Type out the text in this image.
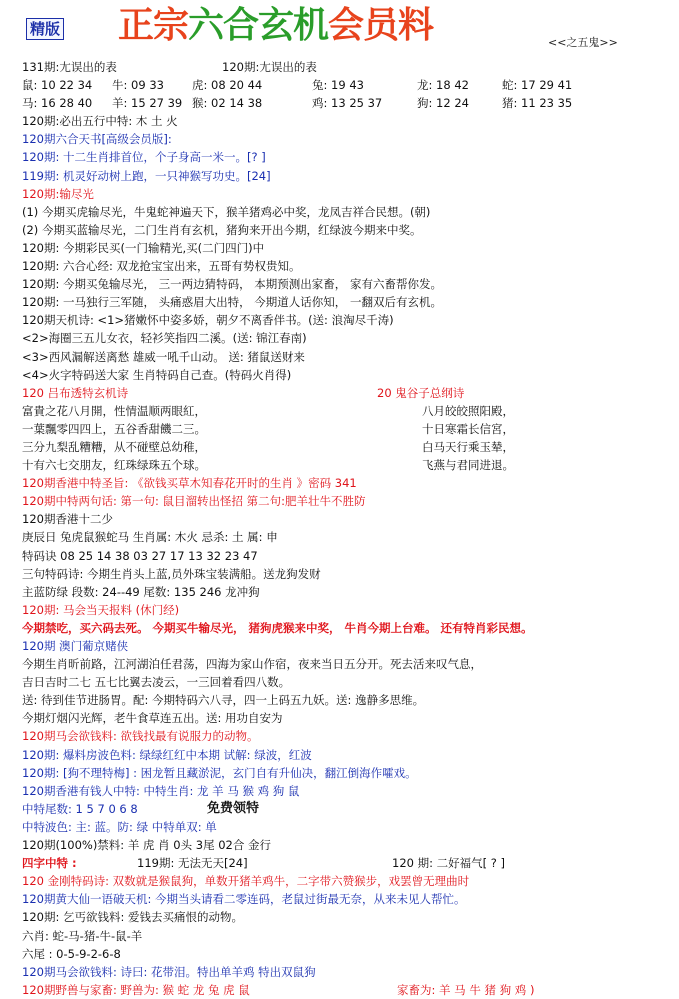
精版 正宗六合玄机会员料	<<之五鬼>>
131期:尢误出的表	120期:尢误出的表
鼠: 10 22 34 牛: 09 33 虎: 08 20 44	兔: 19 43	龙: 18 42	蛇: 17 29 41
马: 16 28 40 羊: 15 27 39 猴: 02 14 38	鸡: 13 25 37	狗: 12 24	猪: 11 23 35
120期:必出五行中特: 木 土 火
120期六合天书[高级会员版]:
120期: 十二生肖排首位，个子身高一米一。[? ]
119期: 机灵好动树上跑，一只神猴写功史。[24]
120期:输尽光
(1) 今期买虎输尽光，牛鬼蛇神遍天下，猴羊猪鸡必中奖，龙凤吉祥合民想。(朝)
(2) 今期买蓝输尽光，二门生肖有玄机，猪狗来开出今期，红绿波今期来中奖。
120期: 今期彩民买(一门输精光,买(二门四门)中
120期: 六合心经: 双龙抢宝宝出来，五哥有势权贵知。
120期: 今期买兔输尽光， 三一两边猜特码， 本期预测出家畜， 家有六畜帮你发。
120期: 一马独行三军随， 头痛惑眉大出特， 今期道人话你知， 一翻双后有玄机。
120期天机诗: <1>猪嫩怀中姿多娇，朝夕不离香伴书。(送: 浪淘尽千涛)
<2>海圈三五儿女衣，轻衫笑指四二溪。(送: 锦江春南)
<3>西风漏解送离愁 雄威一吼千山动。 送: 猪鼠送财来
<4>火字特码送大家 生肖特码自己查。(特码火肖得)
120 吕布透特玄机诗	20 鬼谷子总纲诗
富貴之花八月開，性情温顺两眼紅，	八月皎皎照阳殿，
一葉飄零四四上，五谷香甜饑二三。	十日寒霜长信宮，
三分九梨乱糟糟，从不碰壁总幼稚，	白马天行乘玉辇，
十有六七交朋友，红珠绿珠五个球。	飞燕与君同进退。
120期香港中特圣旨: 《欲钱买草木知春花开时的生肖 》密码 341
120期中特两句话: 第一句: 鼠目溜转出怪招 第二句:肥羊壮牛不胜防
120期香港十二少
庚辰日 兔虎鼠猴蛇马 生肖属: 木火 忌杀: 土 属: 申
特码诀 08 25 14 38 03 27 17 13 32 23 47
三句特码诗: 今期生肖头上蓝,员外珠宝装满船。送龙狗发财
主蓝防绿 段数: 24--49 尾数: 135 246 龙冲狗
120期: 马会当天报料 (休门经)
今期禁吃，买六码去死。 今期买牛输尽光， 猪狗虎猴来中奖， 牛肖今期上台难。 还有特肖彩民想。
120期 澳门葡京赌侠
今期生肖昕前路，江河湖泊任君荡，四海为家山作宿，夜来当日五分开。死去活来叹气息，
吉日吉时二七 五七比翼去凌云，一三回着看四八数。
送: 待到佳节进肠胃。配: 今期特码六八寻，四一上码五九妖。送: 逸静多思维。
今期灯烟闪光辉，老牛食草连五出。送: 用功自安为
120期马会欲钱料: 欲钱找最有说服力的动物。
120期: 爆料房波色料: 绿绿红红中本期 试解: 绿波，红波
120期: [狗不理特梅] : 困龙暂且藏淤泥，玄门自有升仙决，翻江倒海作嚯戏。
120期香港有钱人中特: 中特生肖: 龙 羊 马 猴 鸡 狗 鼠
中特尾数: 1 5 7 0 6 8	免费领特
中特波色: 主: 蓝。防: 绿 中特单双: 单
120期(100%)禁料: 羊 虎 肖 0头 3尾 02合 金行
四字中特 :	119期: 无法无天[24]	120 期: 二好福气[ ? ]
120 金刚特码诗: 双数就是猴鼠狗，单数开猪羊鸡牛，二字带六赞猴步，戏罢曾无理曲时
120期黄大仙一语破天机: 今期当头请看二零连码，老鼠过街最无奈，从来未见人帮忙。
120期: 乞丐欲钱料: 爱钱去买痛恨的动物。
六肖: 蛇-马-猪-牛-鼠-羊
六尾 : 0-5-9-2-6-8
120期马会欲钱料: 诗曰: 花带泪。特出单羊鸡 特出双鼠狗
120期野兽与家畜: 野兽为: 猴 蛇 龙 兔 虎 鼠	家畜为: 羊 马 牛 猪 狗 鸡 )
